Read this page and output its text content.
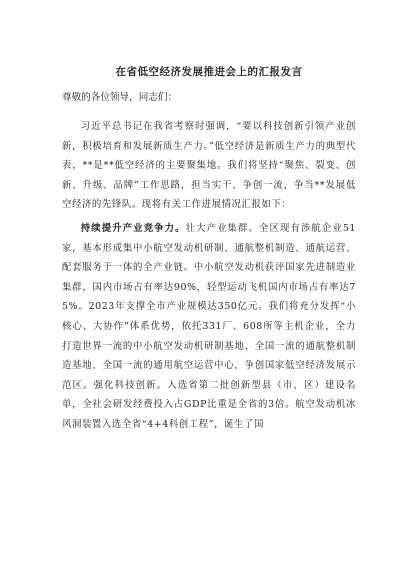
在省低空经济发展推进会上的汇报发言
尊敬的各位领导，同志们：

习近平总书记在我省考察时强调，“要以科技创新引领产业创新，积极培育和发展新质生产力。”低空经济是新质生产力的典型代表，**是**低空经济的主要聚集地。我们将坚持“聚焦、裂变、创新、升级、品牌”工作思路，担当实干、争创一流，争当**发展低空经济的先锋队。现将有关工作进展情况汇报如下：

持续提升产业竞争力。壮大产业集群。全区现有涉航企业51家，基本形成集中小航空发动机研制、通航整机制造、通航运营、配套服务于一体的全产业链。中小航空发动机获评国家先进制造业集群，国内市场占有率达90%，轻型运动飞机国内市场占有率达75%。2023年支撑全市产业规模达350亿元。我们将充分发挥“小核心、大协作”体系优势，依托331厂、608所等主机企业，全力打造世界一流的中小航空发动机研制基地、全国一流的通航整机制造基地、全国一流的通用航空运营中心，争创国家低空经济发展示范区。强化科技创新。入选省第二批创新型县（市、区）建设名单，全社会研发经费投入占GDP比重是全省的3倍。航空发动机冰风洞装置入选全省“4+4科创工程”，诞生了国
